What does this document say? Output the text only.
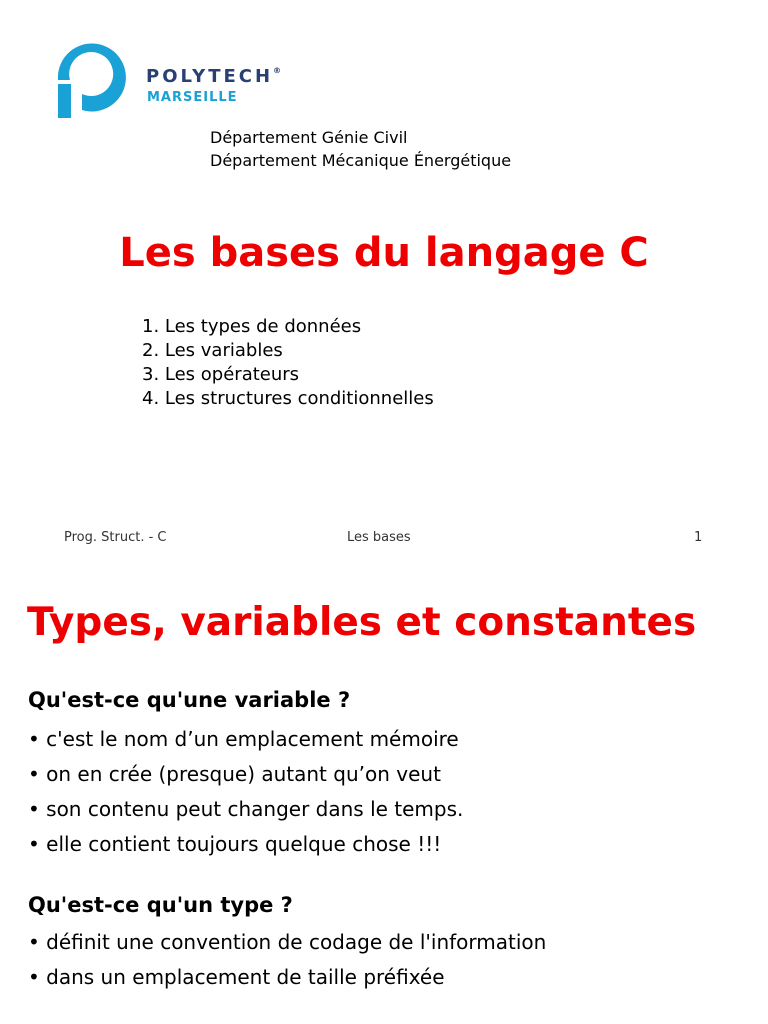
POLYTECH®
MARSEILLE
Département Génie Civil
Département Mécanique Énergétique
Les bases du langage C
1. Les types de données
2. Les variables
3. Les opérateurs
4. Les structures conditionnelles
Prog. Struct. - C	Les bases	1
Types, variables et constantes
Qu'est-ce qu'une variable ?
• c'est le nom d’un emplacement mémoire
• on en crée (presque) autant qu’on veut
• son contenu peut changer dans le temps.
• elle contient toujours quelque chose !!!
Qu'est-ce qu'un type ?
• définit une convention de codage de l'information
• dans un emplacement de taille préfixée
